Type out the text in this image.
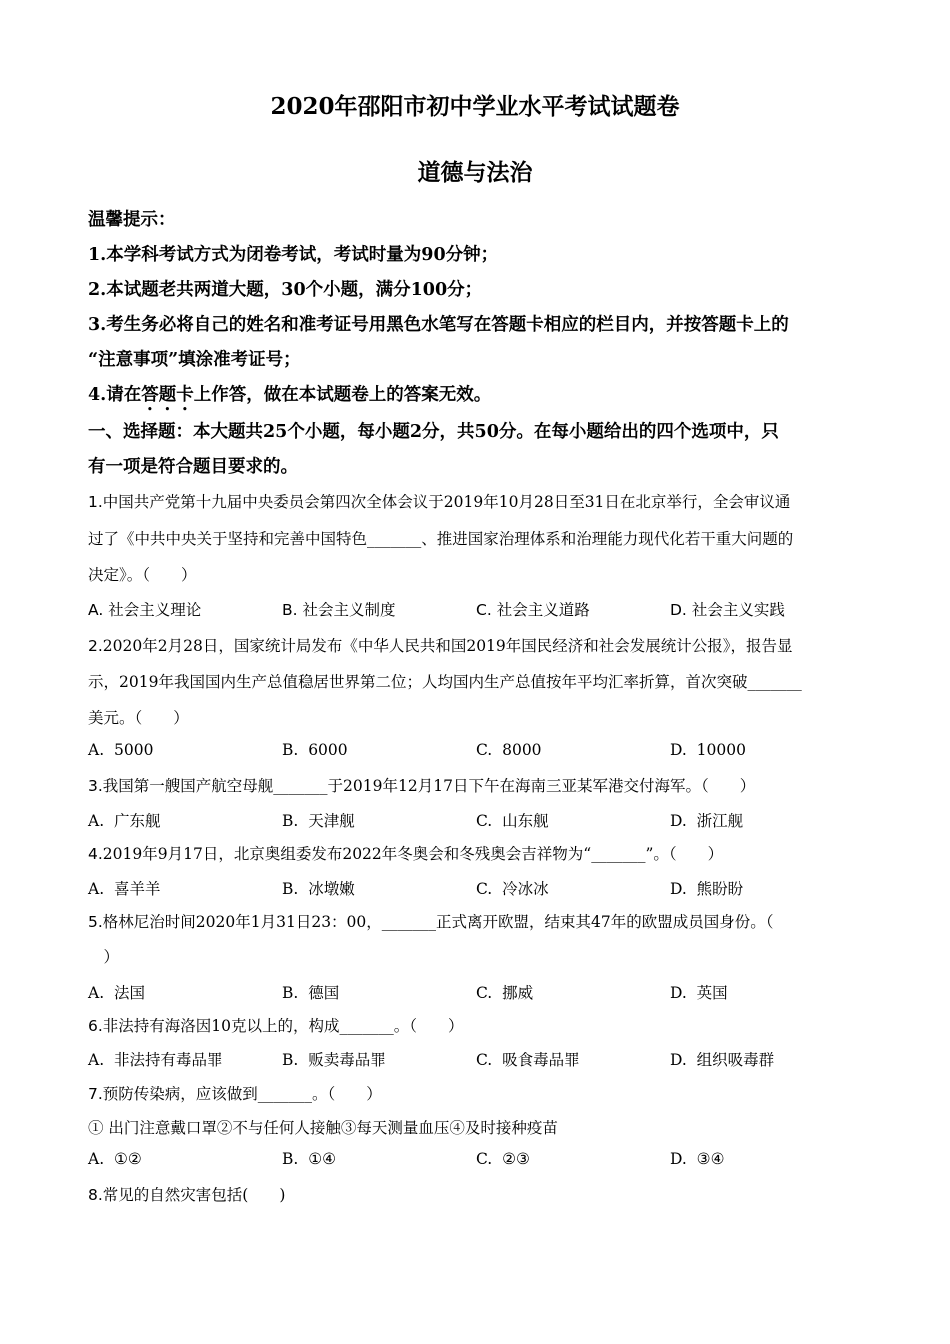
2020年邵阳市初中学业水平考试试题卷
道德与法治
温馨提示：
1.本学科考试方式为闭卷考试，考试时量为90分钟；
2.本试题老共两道大题，30个小题，满分100分；
3.考生务必将自己的姓名和准考证号用黑色水笔写在答题卡相应的栏目内，并按答题卡上的
“注意事项”填涂准考证号；
4.请在答题卡上作答，做在本试题卷上的答案无效。
一、选择题：本大题共25个小题，每小题2分，共50分。在每小题给出的四个选项中，只
有一项是符合题目要求的。
1.中国共产党第十九届中央委员会第四次全体会议于2019年10月28日至31日在北京举行，全会审议通
过了《中共中央关于坚持和完善中国特色_______、推进国家治理体系和治理能力现代化若干重大问题的
决定》。（　　）
A. 社会主义理论	B. 社会主义制度	C. 社会主义道路	D. 社会主义实践
2.2020年2月28日，国家统计局发布《中华人民共和国2019年国民经济和社会发展统计公报》，报告显
示，2019年我国国内生产总值稳居世界第二位；人均国内生产总值按年平均汇率折算，首次突破_______
美元。（　　）
A. 5000	B. 6000	C. 8000	D. 10000
3.我国第一艘国产航空母舰_______于2019年12月17日下午在海南三亚某军港交付海军。（　　）
A. 广东舰	B. 天津舰	C. 山东舰	D. 浙江舰
4.2019年9月17日，北京奥组委发布2022年冬奥会和冬残奥会吉祥物为“_______”。（　　）
A. 喜羊羊	B. 冰墩嫩	C. 冷冰冰	D. 熊盼盼
5.格林尼治时间2020年1月31日23：00，_______正式离开欧盟，结束其47年的欧盟成员国身份。（
　）
A. 法国	B. 德国	C. 挪威	D. 英国
6.非法持有海洛因10克以上的，构成_______。（　　）
A. 非法持有毒品罪	B. 贩卖毒品罪	C. 吸食毒品罪	D. 组织吸毒群
7.预防传染病，应该做到_______。（　　）
① 出门注意戴口罩②不与任何人接触③每天测量血压④及时接种疫苗
A. ①②	B. ①④	C. ②③	D. ③④
8.常见的自然灾害包括(　　)
